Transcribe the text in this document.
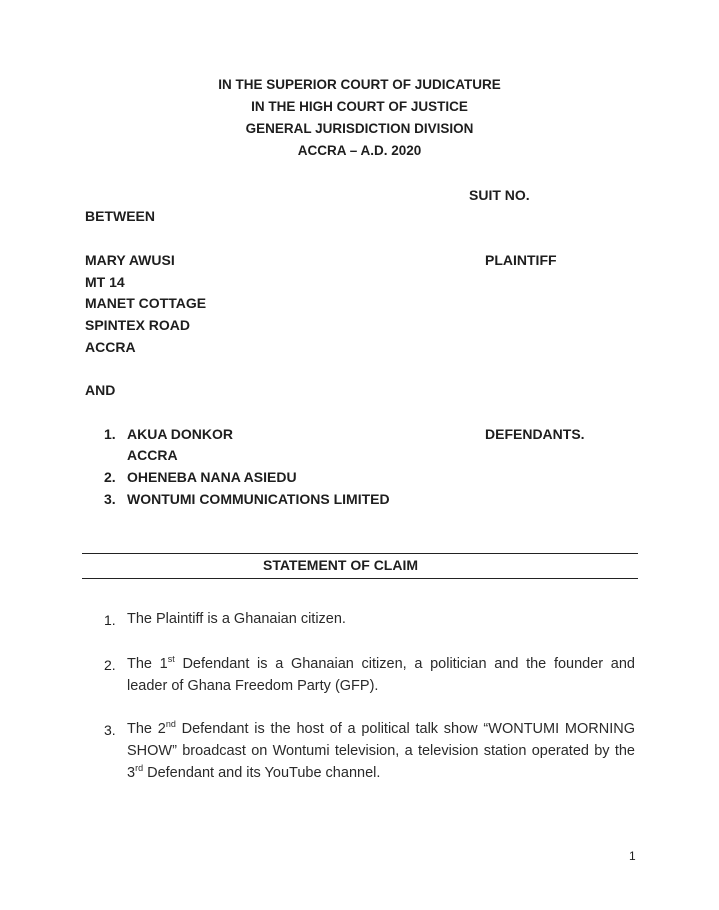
IN THE SUPERIOR COURT OF JUDICATURE
IN THE HIGH COURT OF JUSTICE
GENERAL JURISDICTION DIVISION
ACCRA – A.D. 2020
SUIT NO.
BETWEEN
MARY AWUSI	PLAINTIFF
MT 14
MANET COTTAGE
SPINTEX ROAD
ACCRA
AND
1. AKUA DONKOR	DEFENDANTS.
ACCRA
2. OHENEBA NANA ASIEDU
3. WONTUMI COMMUNICATIONS LIMITED
STATEMENT OF CLAIM
1. The Plaintiff is a Ghanaian citizen.
2. The 1st Defendant is a Ghanaian citizen, a politician and the founder and leader of Ghana Freedom Party (GFP).
3. The 2nd Defendant is the host of a political talk show “WONTUMI MORNING SHOW” broadcast on Wontumi television, a television station operated by the 3rd Defendant and its YouTube channel.
1
